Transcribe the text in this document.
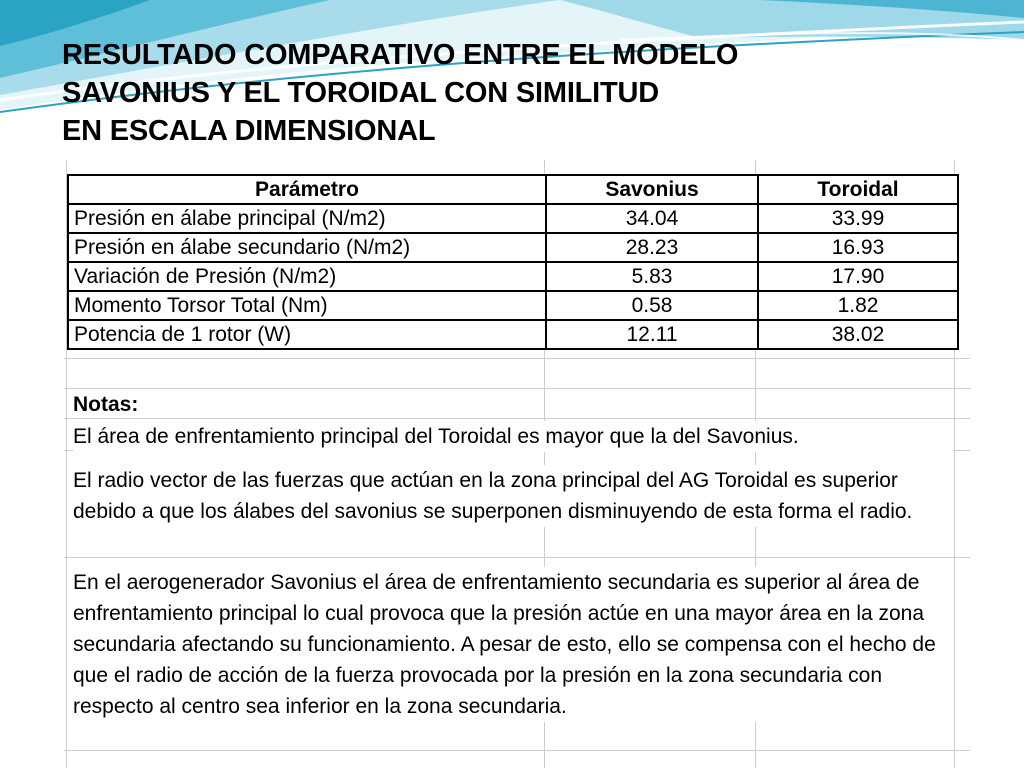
RESULTADO COMPARATIVO ENTRE EL MODELO
SAVONIUS Y EL TOROIDAL CON SIMILITUD
EN ESCALA DIMENSIONAL
Parámetro	Savonius	Toroidal
Presión en álabe principal (N/m2)	34.04	33.99
Presión en álabe secundario (N/m2)	28.23	16.93
Variación de Presión (N/m2)	5.83	17.90
Momento Torsor Total (Nm)	0.58	1.82
Potencia de 1 rotor (W)	12.11	38.02
Notas:
El área de enfrentamiento principal del Toroidal es mayor que la del Savonius.
El radio vector de las fuerzas que actúan en la zona principal del AG Toroidal es superior debido a que los álabes del savonius se superponen disminuyendo de esta forma el radio.
En el aerogenerador Savonius el área de enfrentamiento secundaria es superior al área de enfrentamiento principal lo cual provoca que la presión actúe en una mayor área en la zona secundaria afectando su funcionamiento. A pesar de esto, ello se compensa con el hecho de que el radio de acción de la fuerza provocada por la presión en la zona secundaria con respecto al centro sea inferior en la zona secundaria.
